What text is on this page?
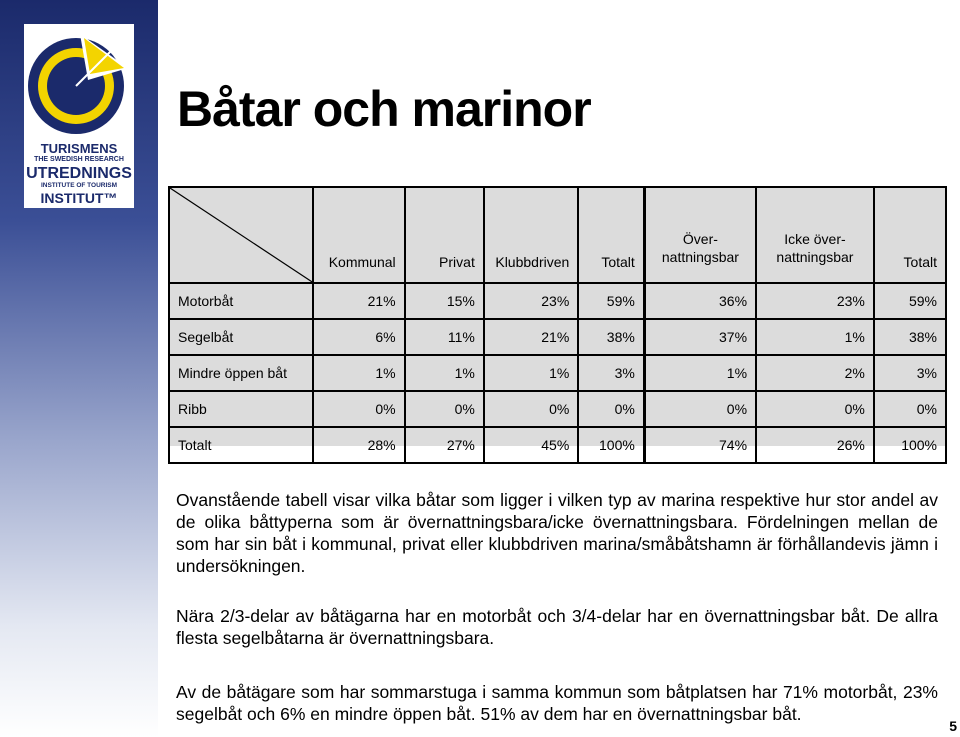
TURISMENS
THE SWEDISH RESEARCH
UTREDNINGS
INSTITUTE OF TOURISM
INSTITUT™
Båtar och marinor
	Kommunal	Privat	Klubbdriven	Totalt	Över-
nattningsbar	Icke över-
nattningsbar	Totalt
Motorbåt	21%	15%	23%	59%	36%	23%	59%
Segelbåt	6%	11%	21%	38%	37%	1%	38%
Mindre öppen båt	1%	1%	1%	3%	1%	2%	3%
Ribb	0%	0%	0%	0%	0%	0%	0%
Totalt	28%	27%	45%	100%	74%	26%	100%

Ovanstående tabell visar vilka båtar som ligger i vilken typ av marina respektive hur stor andel av de olika båttyperna som är övernattningsbara/icke övernattningsbara. Fördelningen mellan de som har sin båt i kommunal, privat eller klubbdriven marina/småbåtshamn är förhållandevis jämn i undersökningen.

Nära 2/3-delar av båtägarna har en motorbåt och 3/4-delar har en övernattningsbar båt. De allra flesta segelbåtarna är övernattningsbara.

Av de båtägare som har sommarstuga i samma kommun som båtplatsen har 71% motorbåt, 23% segelbåt och 6% en mindre öppen båt. 51% av dem har en övernattningsbar båt.

5
